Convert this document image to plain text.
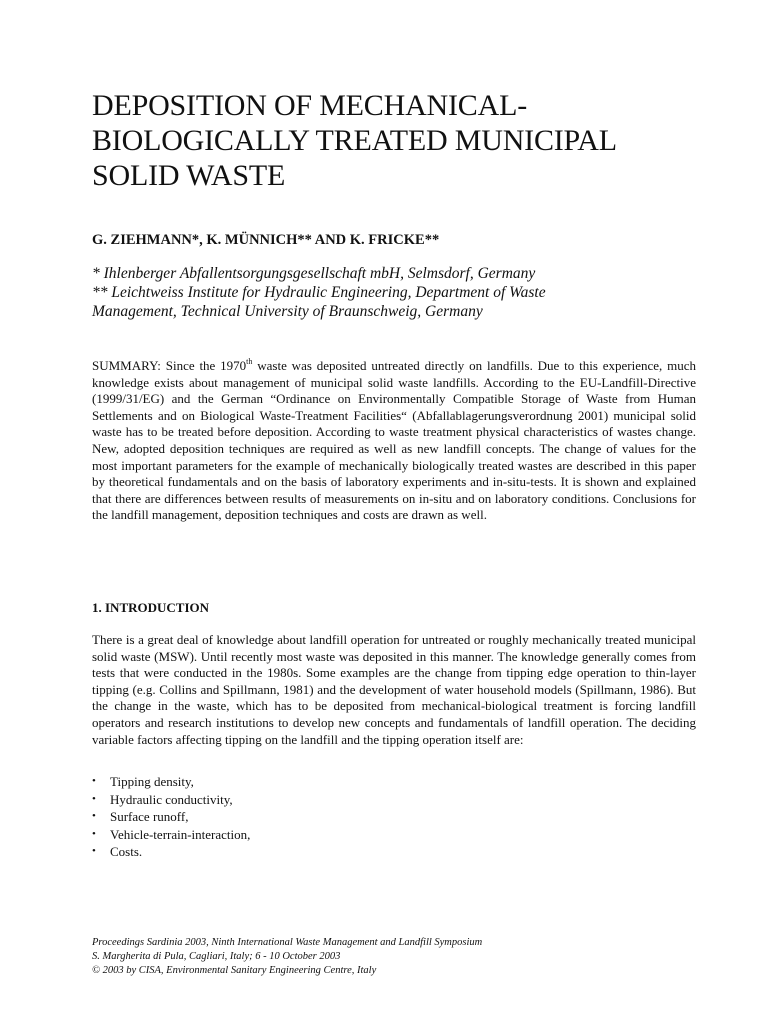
DEPOSITION OF MECHANICAL-
BIOLOGICALLY TREATED MUNICIPAL
SOLID WASTE
G. ZIEHMANN*, K. MÜNNICH** AND K. FRICKE**
* Ihlenberger Abfallentsorgungsgesellschaft mbH, Selmsdorf, Germany
** Leichtweiss Institute for Hydraulic Engineering, Department of Waste
Management, Technical University of Braunschweig, Germany

SUMMARY: Since the 1970th waste was deposited untreated directly on landfills. Due to this experience, much knowledge exists about management of municipal solid waste landfills. According to the EU-Landfill-Directive (1999/31/EG) and the German “Ordinance on Environmentally Compatible Storage of Waste from Human Settlements and on Biological Waste-Treatment Facilities“ (Abfallablagerungsverordnung 2001) municipal solid waste has to be treated before deposition. According to waste treatment physical characteristics of wastes change. New, adopted deposition techniques are required as well as new landfill concepts. The change of values for the most important parameters for the example of mechanically biologically treated wastes are described in this paper by theoretical fundamentals and on the basis of laboratory experiments and in-situ-tests. It is shown and explained that there are differences between results of measurements on in-situ and on laboratory conditions. Conclusions for the landfill management, deposition techniques and costs are drawn as well.

1. INTRODUCTION

There is a great deal of knowledge about landfill operation for untreated or roughly mechanically treated municipal solid waste (MSW). Until recently most waste was deposited in this manner. The knowledge generally comes from tests that were conducted in the 1980s. Some examples are the change from tipping edge operation to thin-layer tipping (e.g. Collins and Spillmann, 1981) and the development of water household models (Spillmann, 1986). But the change in the waste, which has to be deposited from mechanical-biological treatment is forcing landfill operators and research institutions to develop new concepts and fundamentals of landfill operation. The deciding variable factors affecting tipping on the landfill and the tipping operation itself are:

• Tipping density,
• Hydraulic conductivity,
• Surface runoff,
• Vehicle-terrain-interaction,
• Costs.
Proceedings Sardinia 2003, Ninth International Waste Management and Landfill Symposium
S. Margherita di Pula, Cagliari, Italy; 6 - 10 October 2003
© 2003 by CISA, Environmental Sanitary Engineering Centre, Italy
